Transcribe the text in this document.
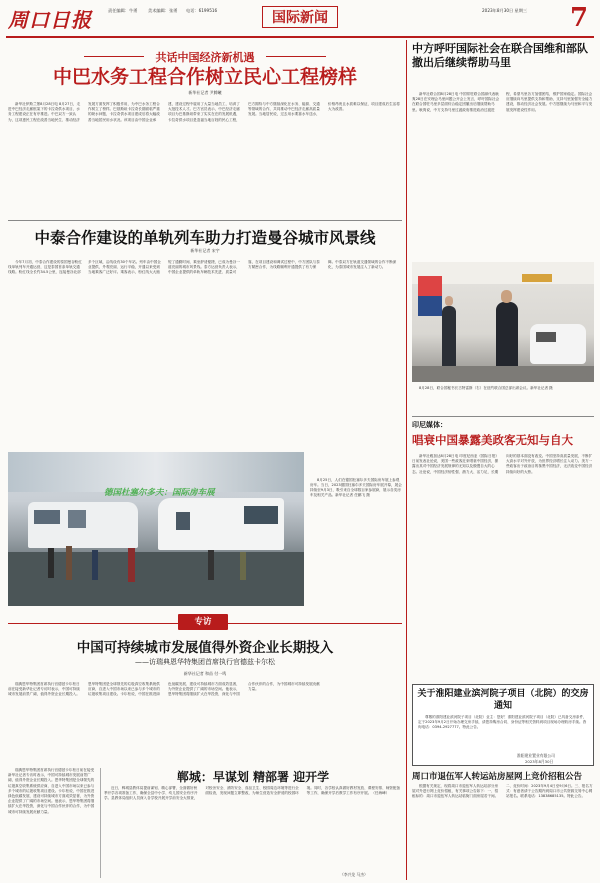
周口日报	责任编辑：牛勇	美术编辑：张勇 电话：6199516	国际新闻	2023年8月30日 星期三 7
共话中国经济新机遇
中巴水务工程合作树立民心工程榜样
新华社记者 尹腾曦
新华社伊斯兰堡8月28日电 8月27日，走进中巴经济走廊框架下的卡拉奇供水项目，水务工程建设正在有序推进。中巴双方一致认为，这项惠民工程在改善当地民生、推动经济发展方面发挥了积极作用，为中巴水务工程合作树立了榜样。巴基斯坦卡拉奇长期面临严重的缺水问题，卡拉奇供水项目建成后将大幅改善当地居民用水状况。该项目由中国企业承建，建设过程中雇用了大量当地员工，培训了大批技术人才。巴方官员表示，中巴经济走廊项目为巴基斯坦带来了实实在在的发展机遇，卡拉奇供水项目是造福当地百姓的民心工程，巴方期待与中方继续深化在水务、能源、交通等领域的合作，共同推动中巴经济走廊高质量发展。当地居民说，过去用水要靠水车送水，价格昂贵且水质难以保证，项目建成后生活将大为改善。
中泰合作建设的单轨列车助力打造曼谷城市风景线
新华社记者 宋宇
今年7月初，中泰合作建设的泰国曼谷粉红线单轨列车开通运营，这是泰国首条单轨交通线路。粉红线全长约34.5公里，连接曼谷北部多个区域，沿线设有30个车站。列车由中国企业提供，外观亮丽、运行平稳，开通以来受到当地乘客广泛好评。乘客表示，粉红线大大缩短了通勤时间，乘坐舒适便捷，已成为曼谷一道亮丽的城市风景线。泰方运营负责人表示，中国企业提供的单轨车辆技术先进、质量可靠，在项目建设和调试过程中，中方团队与泰方紧密合作，为线路顺利开通提供了有力保障。中泰双方在轨道交通领域的合作不断深化，为泰国城市发展注入了新动力。
德国杜塞尔多夫：国际房车展
8月25日，人们在德国杜塞尔多夫国际房车展上参观房车。当日，2023德国杜塞尔多夫国际房车展开幕，展会持续至9月3日，吸引来自全球数百家参展商，展示各类房车及相关产品。新华社记者 任鹏飞 摄
专访
中国可持续城市发展值得外资企业长期投入
——访瑞典恩华特集团首席执行官德兹卡尔松
新华社记者 和苗 付一鸣
瑞典恩华特集团首席执行官德兹卡尔松日前在接受新华社记者专访时表示，中国可持续城市发展前景广阔，值得外资企业长期投入。恩华特集团是全球领先的垃圾真空收集系统供应商，自进入中国市场以来已参与多个城市的垃圾收集项目建设。卡尔松说，中国在推进绿色低碳发展、建设可持续城市方面成效显著，为外资企业提供了广阔的市场空间。他表示，恩华特集团将继续扩大在华投资，深化与中国合作伙伴的合作，为中国城市可持续发展贡献力量。
瑞典恩华特集团首席执行官德兹卡尔松日前在接受新华社记者专访时表示，中国可持续城市发展前景广阔，值得外资企业长期投入。恩华特集团是全球领先的垃圾真空收集系统供应商，自进入中国市场以来已参与多个城市的垃圾收集项目建设。卡尔松说，中国在推进绿色低碳发展、建设可持续城市方面成效显著，为外资企业提供了广阔的市场空间。他表示，恩华特集团将继续扩大在华投资，深化与中国合作伙伴的合作，为中国城市可持续发展贡献力量。
郸城：早谋划 精部署 迎开学
近日，郸城县教体局提前谋划、精心部署，全面做好秋季开学各项准备工作，确保全县中小学、幼儿园安全有序开学。县教体局组织人员深入各学校开展开学前安全大排查，对校舍安全、消防安全、食品卫生、校园周边环境等进行全面检查，发现问题立即整改，为师生营造安全舒适的校园环境。同时，各学校认真做好教材发放、课程安排、师资配备等工作，确保开学后教学工作有序开展。（任海峰）
（李兴龙 马杰）
中方呼吁国际社会在联合国维和部队撤出后继续帮助马里
新华社联合国8月28日电 中国常驻联合国副代表耿爽28日在安理会马里问题公开会上发言，呼吁国际社会在联合国驻马里多层面综合稳定团撤出后继续帮助马里。耿爽说，中方支持马里过渡政府推进政治过渡进程，希望马里各方加强团结，维护国家稳定。国际社会应继续向马里提供支持和帮助，支持马里加强安全能力建设，推动经济社会发展。中方愿继续为马里和平与发展发挥建设性作用。
8月28日，联合国秘书长古特雷斯（右）在纽约联合国总部出席会议。新华社记者 摄
印尼媒体：
唱衰中国暴露美政客无知与自大
新华社雅加达8月28日电 印度尼西亚《国际日报》日前发表社论说，美国一些政客近来唱衰中国经济，暴露出其对中国经济发展规律的无知以及傲慢自大的心态。社论说，中国经济韧性强、潜力大、活力足，长期向好的基本面没有改变。中国坚持高质量发展，不断扩大高水平对外开放，为世界经济增长注入动力。美方一些政客出于政治目的抹黑中国经济，无法改变中国经济持续向好的大势。
关于淮阳建业滨河院子项目（北院）的交房通知
尊敬的淮阳建业滨河院子项目（北院）业主：您好！淮阳建业滨河院子项目（北院）已具备交房条件，定于2023年9月2日开始办理交房手续，请您持购房合同、身份证等相关资料到项目现场办理收房手续。咨询电话：0394-2927777。特此公告。
淮阳建业置业有限公司
2023年8月30日
周口市退伍军人转运站房屋网上竞价招租公告
根据有关规定，现将周口市退伍军人转运站部分房屋对外进行网上竞价招租，有关事项公告如下：一、招租标的：周口市退伍军人转运站临街门面房屋若干间。二、竞价时间：2023年9月4日至9月6日。三、报名方式：有意者请于公告期内到周口市公共资源交易中心网站报名。联系电话：13838685135。特此公告。
